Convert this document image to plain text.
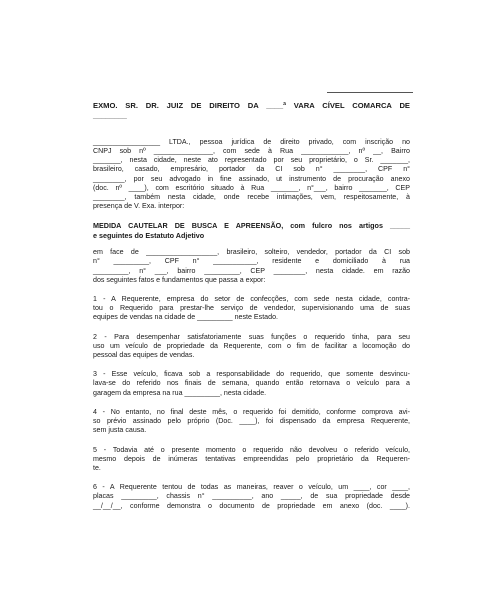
EXMO. SR. DR. JUIZ DE DIREITO DA ____ª VARA CÍVEL COMARCA DE
________

_________________ LTDA., pessoa jurídica de direito privado, com inscrição no
CNPJ sob nº _______________, com sede à Rua ____________, nº __, Bairro
_______, nesta cidade, neste ato representado por seu proprietário, o Sr. _______,
brasileiro, casado, empresário, portador da CI sob n° ________, CPF n°
________, por seu advogado in fine assinado, ut instrumento de procuração anexo
(doc. nº ____), com escritório situado à Rua _______, n°___, bairro _______, CEP
________, também nesta cidade, onde recebe intimações, vem, respeitosamente, à
presença de V. Exa. interpor:

MEDIDA CAUTELAR DE BUSCA E APREENSÃO, com fulcro nos artigos _____
e seguintes do Estatuto Adjetivo

em face de __________________, brasileiro, solteiro, vendedor, portador da CI sob
n° _________, CPF n° ___________, residente e domiciliado à rua
_________, n° ___, bairro _________, CEP ________, nesta cidade. em razão
dos seguintes fatos e fundamentos que passa a expor:

1 - A Requerente, empresa do setor de confecções, com sede nesta cidade, contra-
tou o Requerido para prestar-lhe serviço de vendedor, supervisionando uma de suas
equipes de vendas na cidade de _________ neste Estado.

2 - Para desempenhar satisfatoriamente suas funções o requerido tinha, para seu
uso um veículo de propriedade da Requerente, com o fim de facilitar a locomoção do
pessoal das equipes de vendas.

3 - Esse veículo, ficava sob a responsabilidade do requerido, que somente desvincu-
lava-se do referido nos finais de semana, quando então retornava o veículo para a
garagem da empresa na rua _________, nesta cidade.

4 - No entanto, no final deste mês, o requerido foi demitido, conforme comprova avi-
so prévio assinado pelo próprio (Doc. ____), foi dispensado da empresa Requerente,
sem justa causa.

5 - Todavia até o presente momento o requerido não devolveu o referido veículo,
mesmo depois de inúmeras tentativas empreendidas pelo proprietário da Requeren-
te.

6 - A Requerente tentou de todas as maneiras, reaver o veículo, um ____, cor ____,
placas _________, chassis n° __________, ano _____, de sua propriedade desde
__/__/__, conforme demonstra o documento de propriedade em anexo (doc. ____).
